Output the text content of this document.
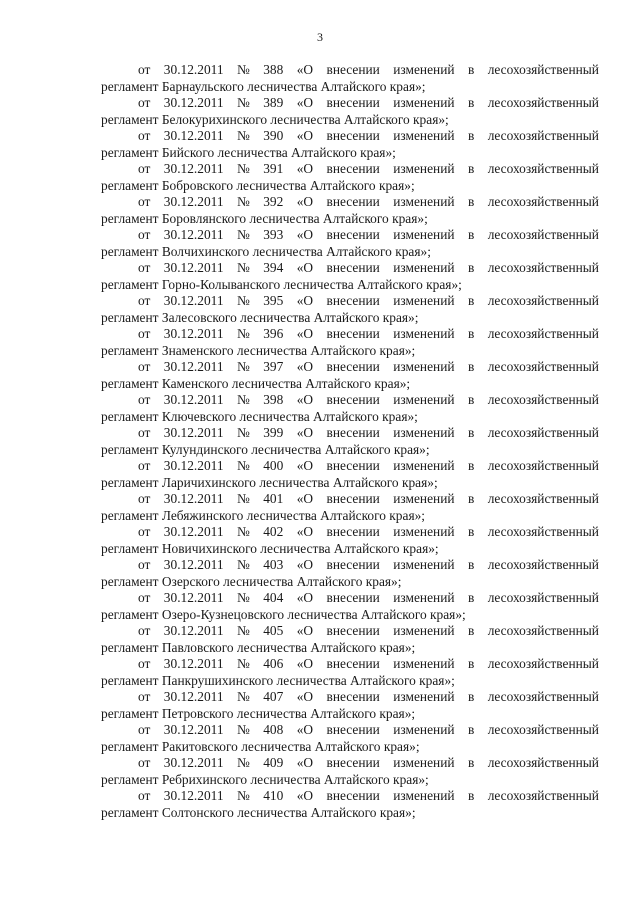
3

от 30.12.2011 № 388 «О внесении изменений в лесохозяйственный
регламент Барнаульского лесничества Алтайского края»;

от 30.12.2011 № 389 «О внесении изменений в лесохозяйственный
регламент Белокурихинского лесничества Алтайского края»;

от 30.12.2011 № 390 «О внесении изменений в лесохозяйственный
регламент Бийского лесничества Алтайского края»;

от 30.12.2011 № 391 «О внесении изменений в лесохозяйственный
регламент Бобровского лесничества Алтайского края»;

от 30.12.2011 № 392 «О внесении изменений в лесохозяйственный
регламент Боровлянского лесничества Алтайского края»;

от 30.12.2011 № 393 «О внесении изменений в лесохозяйственный
регламент Волчихинского лесничества Алтайского края»;

от 30.12.2011 № 394 «О внесении изменений в лесохозяйственный
регламент Горно-Колыванского лесничества Алтайского края»;

от 30.12.2011 № 395 «О внесении изменений в лесохозяйственный
регламент Залесовского лесничества Алтайского края»;

от 30.12.2011 № 396 «О внесении изменений в лесохозяйственный
регламент Знаменского лесничества Алтайского края»;

от 30.12.2011 № 397 «О внесении изменений в лесохозяйственный
регламент Каменского лесничества Алтайского края»;

от 30.12.2011 № 398 «О внесении изменений в лесохозяйственный
регламент Ключевского лесничества Алтайского края»;

от 30.12.2011 № 399 «О внесении изменений в лесохозяйственный
регламент Кулундинского лесничества Алтайского края»;

от 30.12.2011 № 400 «О внесении изменений в лесохозяйственный
регламент Ларичихинского лесничества Алтайского края»;

от 30.12.2011 № 401 «О внесении изменений в лесохозяйственный
регламент Лебяжинского лесничества Алтайского края»;

от 30.12.2011 № 402 «О внесении изменений в лесохозяйственный
регламент Новичихинского лесничества Алтайского края»;

от 30.12.2011 № 403 «О внесении изменений в лесохозяйственный
регламент Озерского лесничества Алтайского края»;

от 30.12.2011 № 404 «О внесении изменений в лесохозяйственный
регламент Озеро-Кузнецовского лесничества Алтайского края»;

от 30.12.2011 № 405 «О внесении изменений в лесохозяйственный
регламент Павловского лесничества Алтайского края»;

от 30.12.2011 № 406 «О внесении изменений в лесохозяйственный
регламент Панкрушихинского лесничества Алтайского края»;

от 30.12.2011 № 407 «О внесении изменений в лесохозяйственный
регламент Петровского лесничества Алтайского края»;

от 30.12.2011 № 408 «О внесении изменений в лесохозяйственный
регламент Ракитовского лесничества Алтайского края»;

от 30.12.2011 № 409 «О внесении изменений в лесохозяйственный
регламент Ребрихинского лесничества Алтайского края»;

от 30.12.2011 № 410 «О внесении изменений в лесохозяйственный
регламент Солтонского лесничества Алтайского края»;
